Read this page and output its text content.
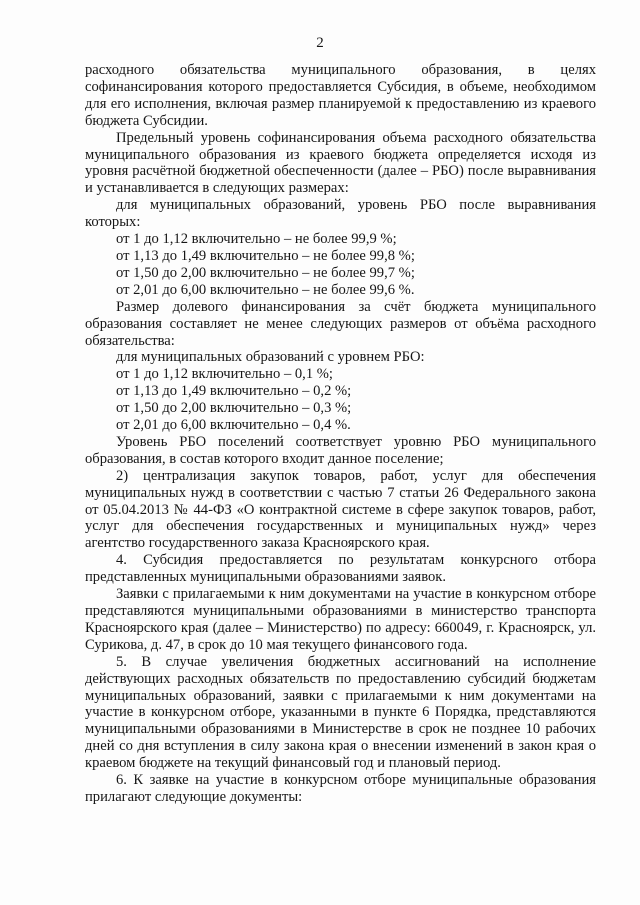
2

расходного обязательства муниципального образования, в целях софинансирования которого предоставляется Субсидия, в объеме, необходимом для его исполнения, включая размер планируемой к предоставлению из краевого бюджета Субсидии.

Предельный уровень софинансирования объема расходного обязательства муниципального образования из краевого бюджета определяется исходя из уровня расчётной бюджетной обеспеченности (далее – РБО) после выравнивания и устанавливается в следующих размерах:

для муниципальных образований, уровень РБО после выравнивания которых:

от 1 до 1,12 включительно – не более 99,9 %;

от 1,13 до 1,49 включительно – не более 99,8 %;

от 1,50 до 2,00 включительно – не более 99,7 %;

от 2,01 до 6,00 включительно – не более 99,6 %.

Размер долевого финансирования за счёт бюджета муниципального образования составляет не менее следующих размеров от объёма расходного обязательства:

для муниципальных образований с уровнем РБО:

от 1 до 1,12 включительно – 0,1 %;

от 1,13 до 1,49 включительно – 0,2 %;

от 1,50 до 2,00 включительно – 0,3 %;

от 2,01 до 6,00 включительно – 0,4 %.

Уровень РБО поселений соответствует уровню РБО муниципального образования, в состав которого входит данное поселение;

2) централизация закупок товаров, работ, услуг для обеспечения муниципальных нужд в соответствии с частью 7 статьи 26 Федерального закона от 05.04.2013 № 44-ФЗ «О контрактной системе в сфере закупок товаров, работ, услуг для обеспечения государственных и муниципальных нужд» через агентство государственного заказа Красноярского края.

4. Субсидия предоставляется по результатам конкурсного отбора представленных муниципальными образованиями заявок.

Заявки с прилагаемыми к ним документами на участие в конкурсном отборе представляются муниципальными образованиями в министерство транспорта Красноярского края (далее – Министерство) по адресу: 660049, г. Красноярск, ул. Сурикова, д. 47, в срок до 10 мая текущего финансового года.

5. В случае увеличения бюджетных ассигнований на исполнение действующих расходных обязательств по предоставлению субсидий бюджетам муниципальных образований, заявки с прилагаемыми к ним документами на участие в конкурсном отборе, указанными в пункте 6 Порядка, представляются муниципальными образованиями в Министерстве в срок не позднее 10 рабочих дней со дня вступления в силу закона края о внесении изменений в закон края о краевом бюджете на текущий финансовый год и плановый период.

6. К заявке на участие в конкурсном отборе муниципальные образования прилагают следующие документы:
